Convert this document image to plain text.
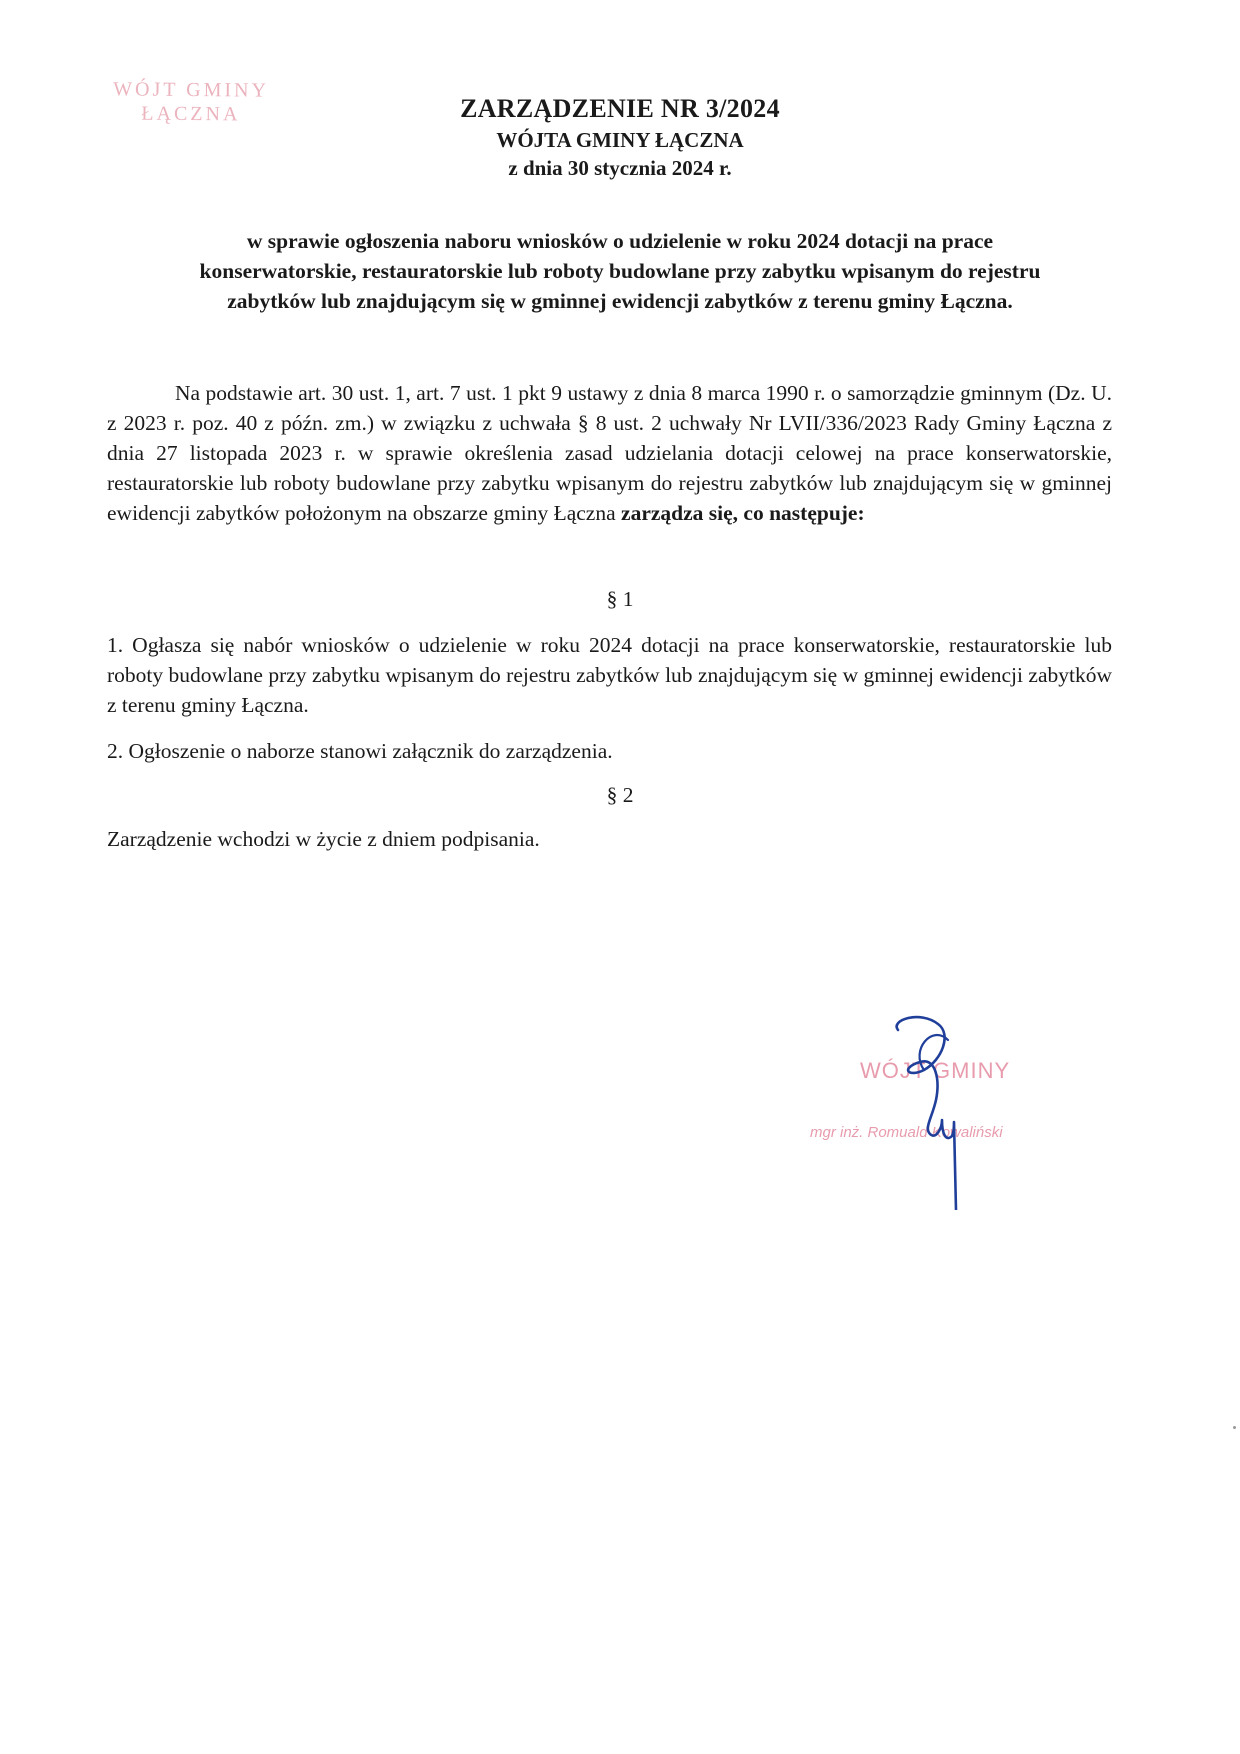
WÓJT GMINY
ŁĄCZNA	ZARZĄDZENIE NR 3/2024
WÓJTA GMINY ŁĄCZNA
z dnia 30 stycznia 2024 r.
w sprawie ogłoszenia naboru wniosków o udzielenie w roku 2024 dotacji na prace
konserwatorskie, restauratorskie lub roboty budowlane przy zabytku wpisanym do rejestru
zabytków lub znajdującym się w gminnej ewidencji zabytków z terenu gminy Łączna.
Na podstawie art. 30 ust. 1, art. 7 ust. 1 pkt 9 ustawy z dnia 8 marca 1990 r. o samorządzie gminnym (Dz. U. z 2023 r. poz. 40 z późn. zm.) w związku z uchwała § 8 ust. 2 uchwały Nr LVII/336/2023 Rady Gminy Łączna z dnia 27 listopada 2023 r. w sprawie określenia zasad udzielania dotacji celowej na prace konserwatorskie, restauratorskie lub roboty budowlane przy zabytku wpisanym do rejestru zabytków lub znajdującym się w gminnej ewidencji zabytków położonym na obszarze gminy Łączna zarządza się, co następuje:
§ 1
1. Ogłasza się nabór wniosków o udzielenie w roku 2024 dotacji na prace konserwatorskie, restauratorskie lub roboty budowlane przy zabytku wpisanym do rejestru zabytków lub znajdującym się w gminnej ewidencji zabytków z terenu gminy Łączna.
2. Ogłoszenie o naborze stanowi załącznik do zarządzenia.
§ 2
Zarządzenie wchodzi w życie z dniem podpisania.
WÓJT GMINY
mgr inż. Romuald Kowaliński
